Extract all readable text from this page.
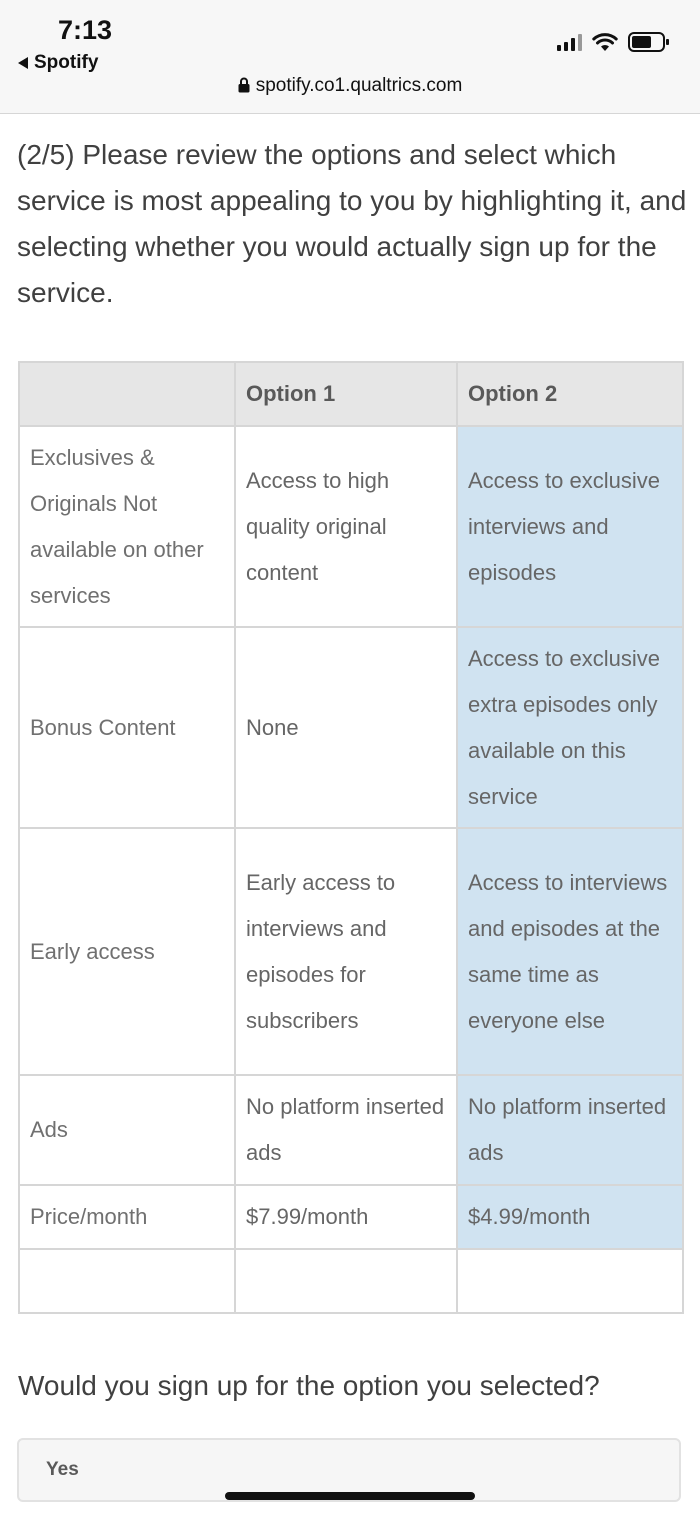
7:13
Spotify
spotify.co1.qualtrics.com

(2/5) Please review the options and select which service is most appealing to you by highlighting it, and selecting whether you would actually sign up for the service.

	Option 1	Option 2
Exclusives & Originals Not available on other services	Access to high quality original content	Access to exclusive interviews and episodes
Bonus Content	None	Access to exclusive extra episodes only available on this service
Early access	Early access to interviews and episodes for subscribers	Access to interviews and episodes at the same time as everyone else
Ads	No platform inserted ads	No platform inserted ads
Price/month	$7.99/month	$4.99/month

Would you sign up for the option you selected?

Yes
